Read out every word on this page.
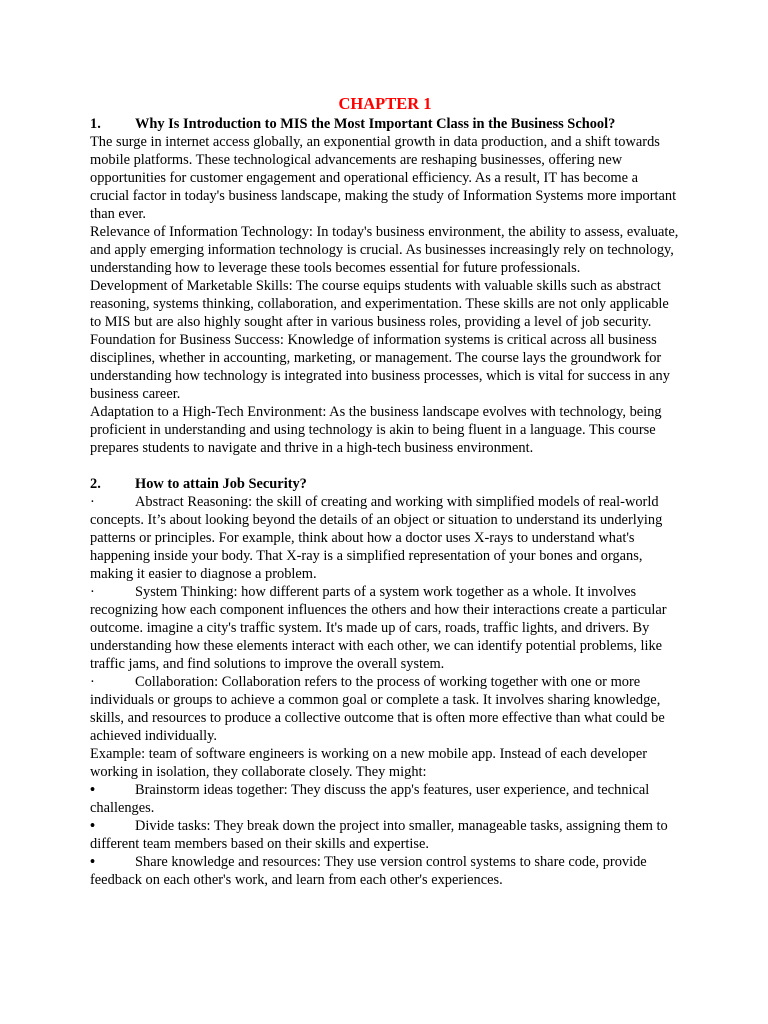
CHAPTER 1
1.	Why Is Introduction to MIS the Most Important Class in the Business School?

The surge in internet access globally, an exponential growth in data production, and a shift towards mobile platforms. These technological advancements are reshaping businesses, offering new opportunities for customer engagement and operational efficiency. As a result, IT has become a crucial factor in today's business landscape, making the study of Information Systems more important than ever.

Relevance of Information Technology: In today's business environment, the ability to assess, evaluate, and apply emerging information technology is crucial. As businesses increasingly rely on technology, understanding how to leverage these tools becomes essential for future professionals.

Development of Marketable Skills: The course equips students with valuable skills such as abstract reasoning, systems thinking, collaboration, and experimentation. These skills are not only applicable to MIS but are also highly sought after in various business roles, providing a level of job security.

Foundation for Business Success: Knowledge of information systems is critical across all business disciplines, whether in accounting, marketing, or management. The course lays the groundwork for understanding how technology is integrated into business processes, which is vital for success in any business career.

Adaptation to a High-Tech Environment: As the business landscape evolves with technology, being proficient in understanding and using technology is akin to being fluent in a language. This course prepares students to navigate and thrive in a high-tech business environment.

2.	How to attain Job Security?

·	Abstract Reasoning: the skill of creating and working with simplified models of real-world concepts. It’s about looking beyond the details of an object or situation to understand its underlying patterns or principles. For example, think about how a doctor uses X-rays to understand what's happening inside your body. That X-ray is a simplified representation of your bones and organs, making it easier to diagnose a problem.

·	System Thinking: how different parts of a system work together as a whole. It involves recognizing how each component influences the others and how their interactions create a particular outcome. imagine a city's traffic system. It's made up of cars, roads, traffic lights, and drivers. By understanding how these elements interact with each other, we can identify potential problems, like traffic jams, and find solutions to improve the overall system.

·	Collaboration: Collaboration refers to the process of working together with one or more individuals or groups to achieve a common goal or complete a task. It involves sharing knowledge, skills, and resources to produce a collective outcome that is often more effective than what could be achieved individually.

Example: team of software engineers is working on a new mobile app. Instead of each developer working in isolation, they collaborate closely. They might:

•	Brainstorm ideas together: They discuss the app's features, user experience, and technical challenges.

•	Divide tasks: They break down the project into smaller, manageable tasks, assigning them to different team members based on their skills and expertise.

•	Share knowledge and resources: They use version control systems to share code, provide feedback on each other's work, and learn from each other's experiences.
